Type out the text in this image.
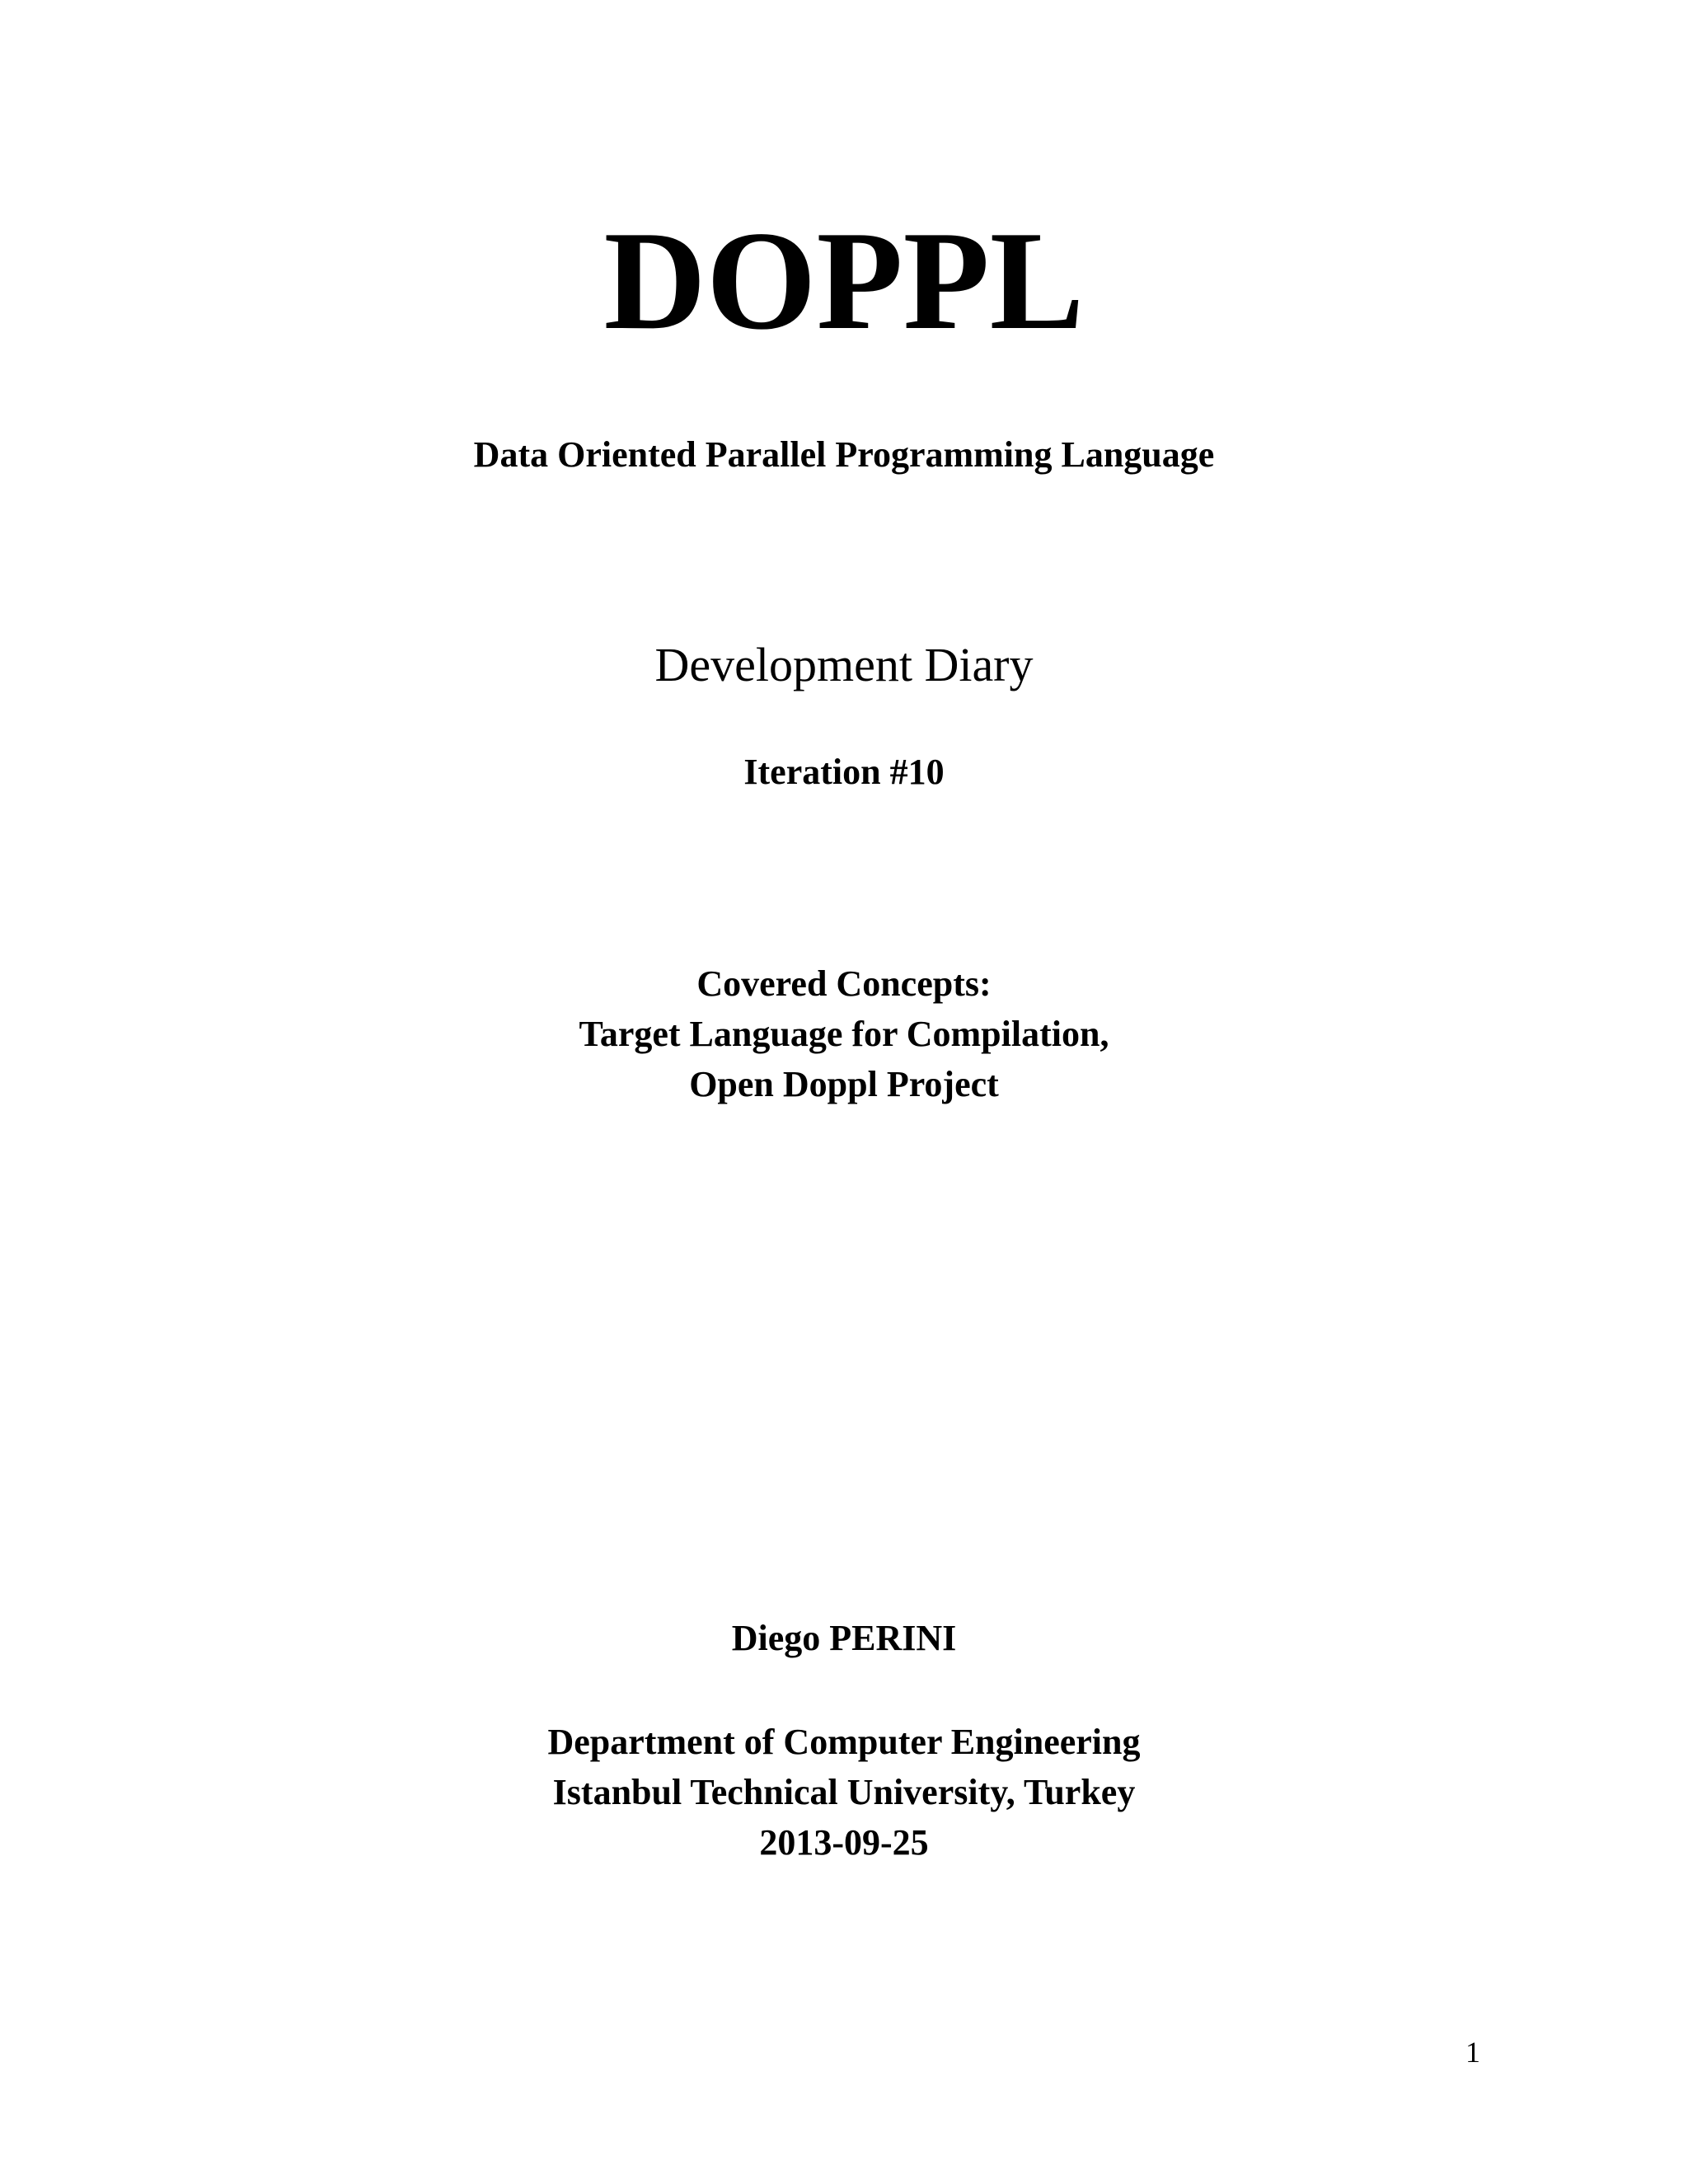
DOPPL
Data Oriented Parallel Programming Language
Development Diary
Iteration #10
Covered Concepts:
Target Language for Compilation,
Open Doppl Project
Diego PERINI
Department of Computer Engineering
Istanbul Technical University, Turkey
2013-09-25
1
